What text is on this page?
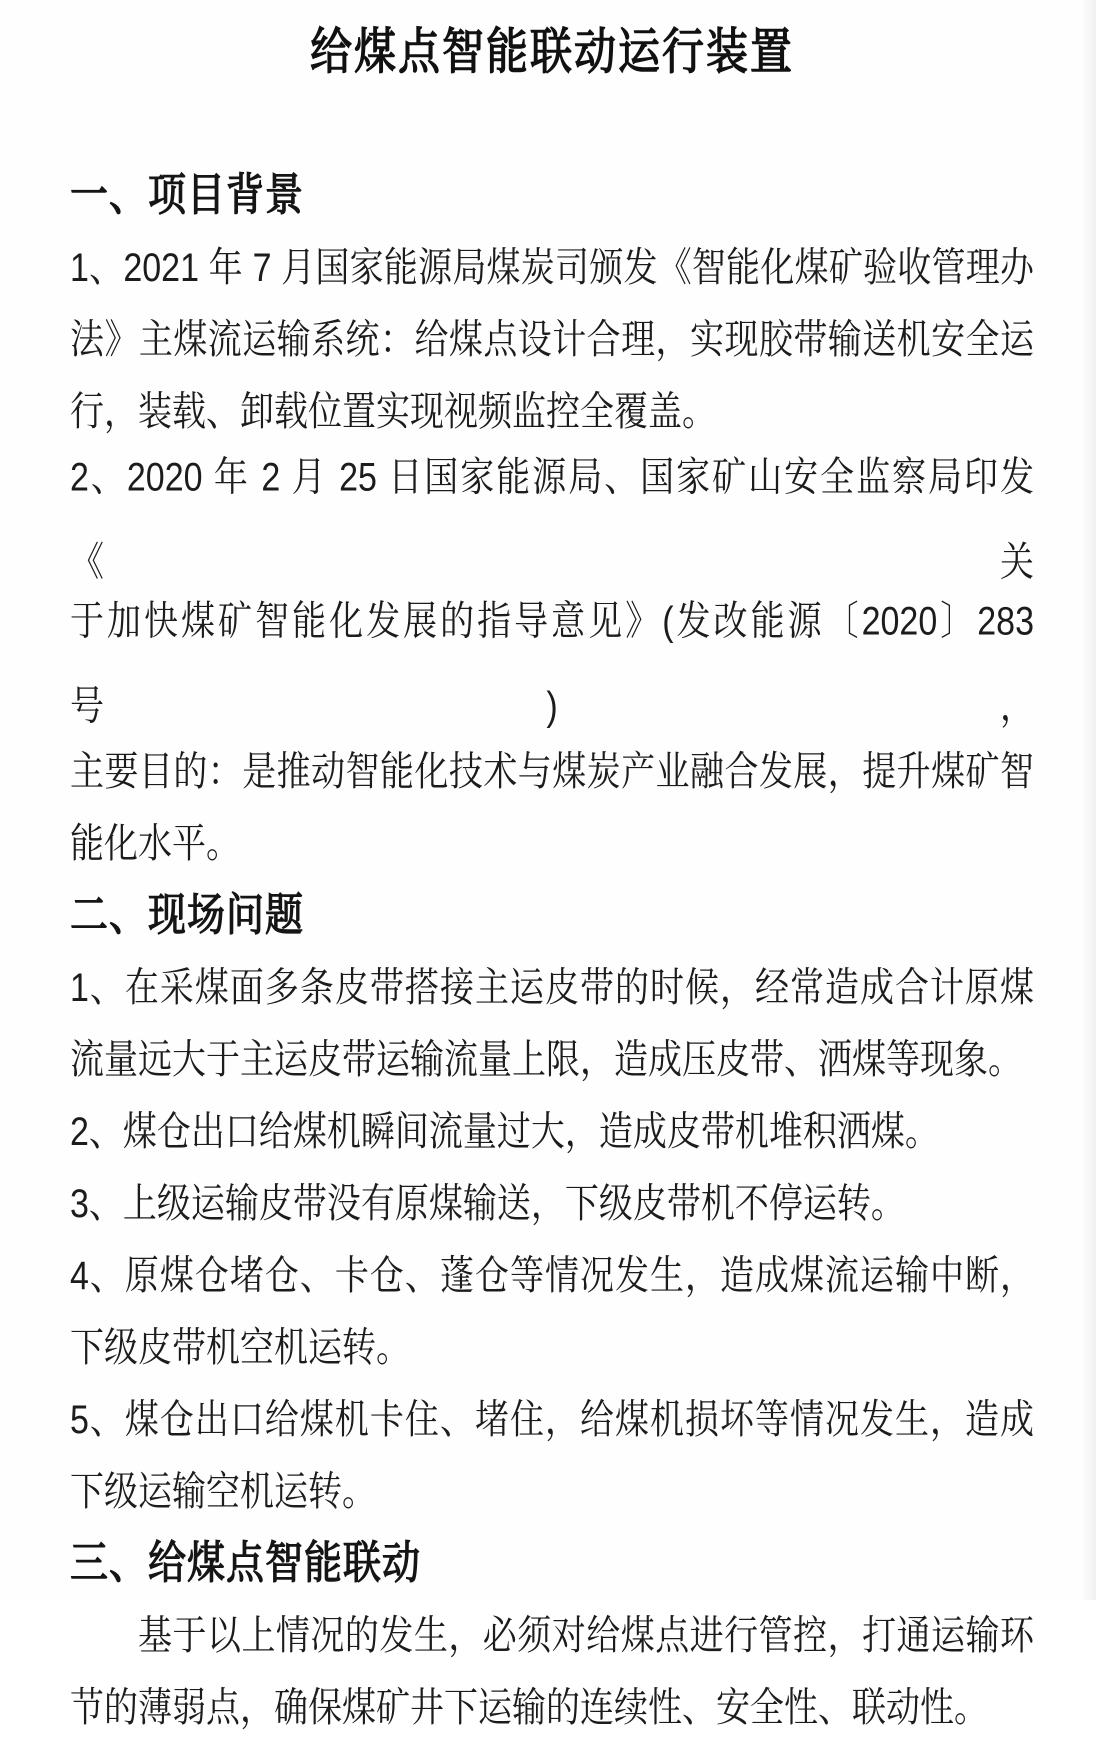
给煤点智能联动运行装置
一、项目背景
1、2021 年 7 月国家能源局煤炭司颁发《智能化煤矿验收管理办
法》主煤流运输系统：给煤点设计合理，实现胶带输送机安全运
行，装载、卸载位置实现视频监控全覆盖。
2、2020 年 2 月 25 日国家能源局、国家矿山安全监察局印发《关
于加快煤矿智能化发展的指导意见》(发改能源〔2020〕283 号)，
主要目的：是推动智能化技术与煤炭产业融合发展，提升煤矿智
能化水平。
二、现场问题
1、在采煤面多条皮带搭接主运皮带的时候，经常造成合计原煤
流量远大于主运皮带运输流量上限，造成压皮带、洒煤等现象。
2、煤仓出口给煤机瞬间流量过大，造成皮带机堆积洒煤。
3、上级运输皮带没有原煤输送，下级皮带机不停运转。
4、原煤仓堵仓、卡仓、蓬仓等情况发生，造成煤流运输中断，
下级皮带机空机运转。
5、煤仓出口给煤机卡住、堵住，给煤机损坏等情况发生，造成
下级运输空机运转。
三、给煤点智能联动
基于以上情况的发生，必须对给煤点进行管控，打通运输环
节的薄弱点，确保煤矿井下运输的连续性、安全性、联动性。
